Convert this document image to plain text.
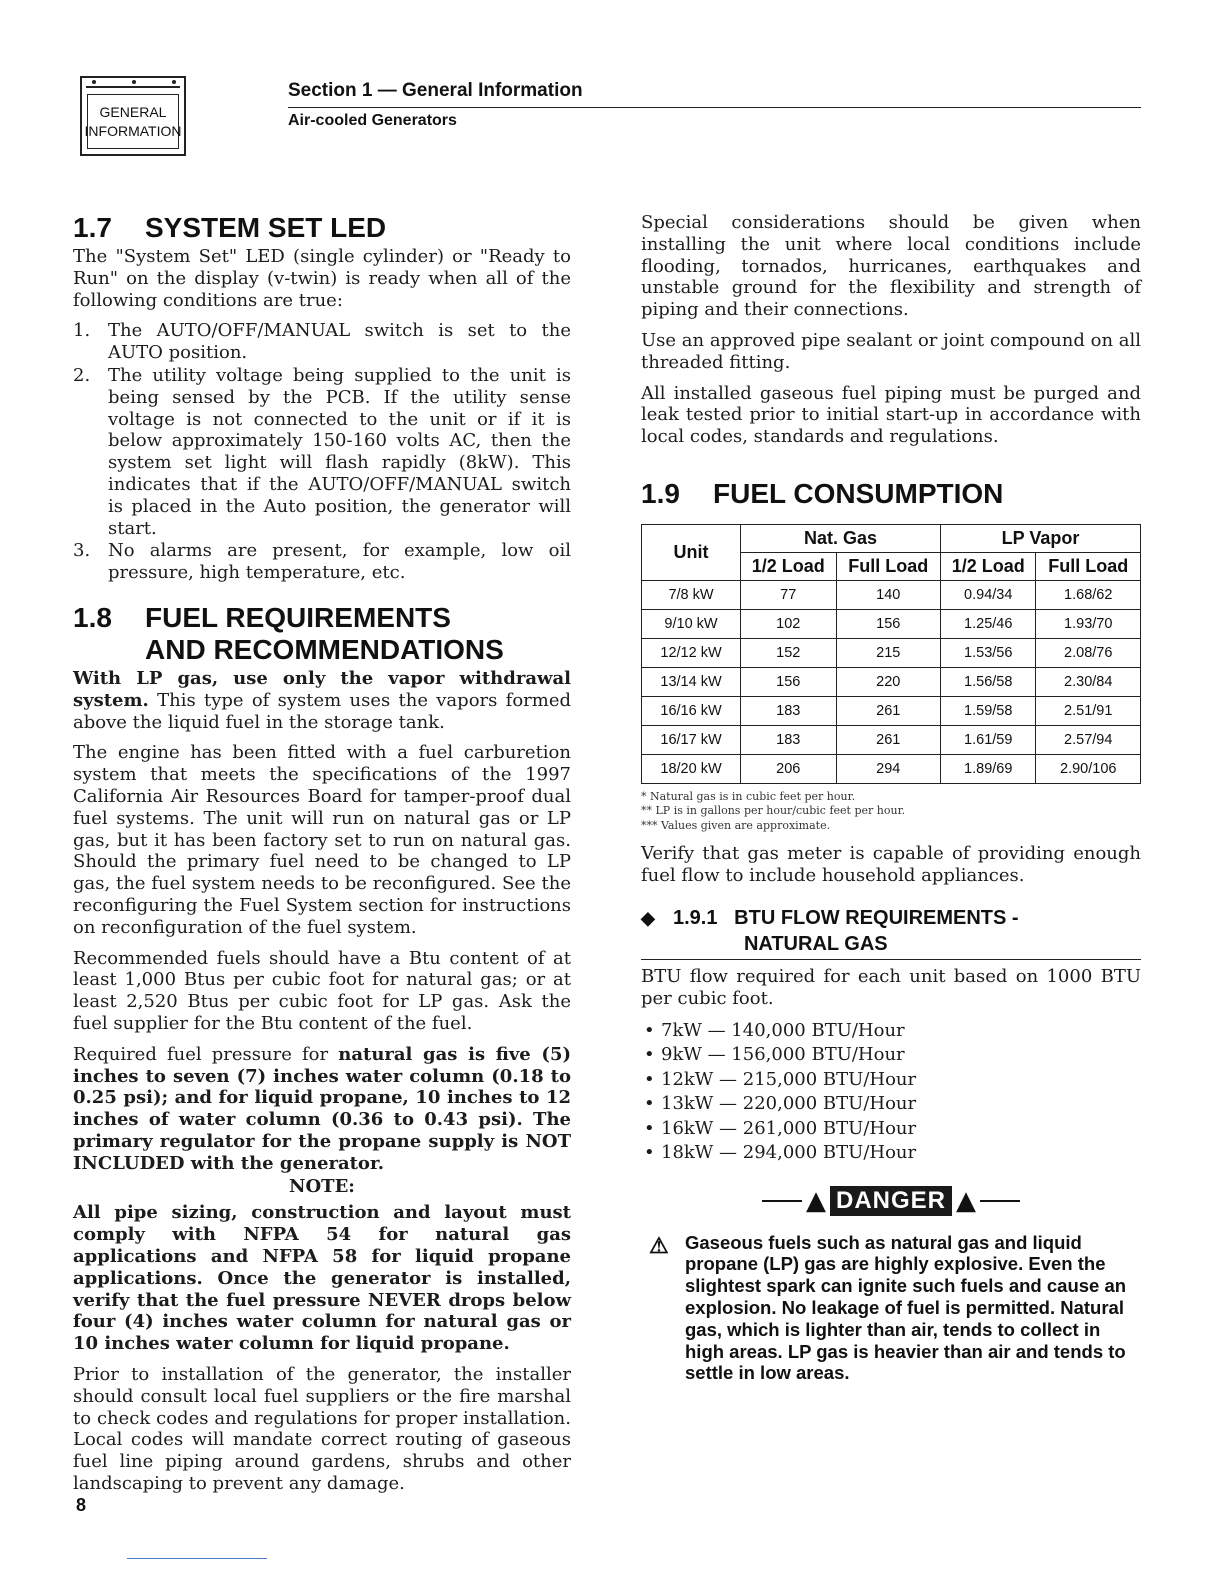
GENERAL
INFORMATION
Section 1 — General Information
Air-cooled Generators
1.7 SYSTEM SET LED

The "System Set" LED (single cylinder) or "Ready to Run" on the display (v-twin) is ready when all of the following conditions are true:

1. The AUTO/OFF/MANUAL switch is set to the AUTO position.
2. The utility voltage being supplied to the unit is being sensed by the PCB. If the utility sense voltage is not connected to the unit or if it is below approximately 150-160 volts AC, then the system set light will flash rapidly (8kW). This indicates that if the AUTO/OFF/MANUAL switch is placed in the Auto position, the generator will start.
3. No alarms are present, for example, low oil pressure, high temperature, etc.
1.8 FUEL REQUIREMENTS
AND RECOMMENDATIONS

With LP gas, use only the vapor withdrawal system. This type of system uses the vapors formed above the liquid fuel in the storage tank.

The engine has been fitted with a fuel carburetion system that meets the specifications of the 1997 California Air Resources Board for tamper-proof dual fuel systems. The unit will run on natural gas or LP gas, but it has been factory set to run on natural gas. Should the primary fuel need to be changed to LP gas, the fuel system needs to be reconfigured. See the reconfiguring the Fuel System section for instructions on reconfiguration of the fuel system.

Recommended fuels should have a Btu content of at least 1,000 Btus per cubic foot for natural gas; or at least 2,520 Btus per cubic foot for LP gas. Ask the fuel supplier for the Btu content of the fuel.

Required fuel pressure for natural gas is five (5) inches to seven (7) inches water column (0.18 to 0.25 psi); and for liquid propane, 10 inches to 12 inches of water column (0.36 to 0.43 psi). The primary regulator for the propane supply is NOT INCLUDED with the generator.

NOTE:

All pipe sizing, construction and layout must comply with NFPA 54 for natural gas applications and NFPA 58 for liquid propane applications. Once the generator is installed, verify that the fuel pressure NEVER drops below four (4) inches water column for natural gas or 10 inches water column for liquid propane.

Prior to installation of the generator, the installer should consult local fuel suppliers or the fire marshal to check codes and regulations for proper installation. Local codes will mandate correct routing of gaseous fuel line piping around gardens, shrubs and other landscaping to prevent any damage.

Special considerations should be given when installing the unit where local conditions include flooding, tornados, hurricanes, earthquakes and unstable ground for the flexibility and strength of piping and their connections.

Use an approved pipe sealant or joint compound on all threaded fitting.

All installed gaseous fuel piping must be purged and leak tested prior to initial start-up in accordance with local codes, standards and regulations.

1.9 FUEL CONSUMPTION
Unit	Nat. Gas		LP Vapor	
	1/2 Load	Full Load	1/2 Load	Full Load
7/8 kW	77	140	0.94/34	1.68/62
9/10 kW	102	156	1.25/46	1.93/70
12/12 kW	152	215	1.53/56	2.08/76
13/14 kW	156	220	1.56/58	2.30/84
16/16 kW	183	261	1.59/58	2.51/91
16/17 kW	183	261	1.61/59	2.57/94
18/20 kW	206	294	1.89/69	2.90/106
* Natural gas is in cubic feet per hour.
** LP is in gallons per hour/cubic feet per hour.
*** Values given are approximate.

Verify that gas meter is capable of providing enough fuel flow to include household appliances.

◆ 1.9.1 BTU FLOW REQUIREMENTS -
NATURAL GAS

BTU flow required for each unit based on 1000 BTU per cubic foot.

• 7kW — 140,000 BTU/Hour
• 9kW — 156,000 BTU/Hour
• 12kW — 215,000 BTU/Hour
• 13kW — 220,000 BTU/Hour
• 16kW — 261,000 BTU/Hour
• 18kW — 294,000 BTU/Hour
▲ DANGER ▲
⚠ Gaseous fuels such as natural gas and liquid propane (LP) gas are highly explosive. Even the slightest spark can ignite such fuels and cause an explosion. No leakage of fuel is permitted. Natural gas, which is lighter than air, tends to collect in high areas. LP gas is heavier than air and tends to settle in low areas.
8
